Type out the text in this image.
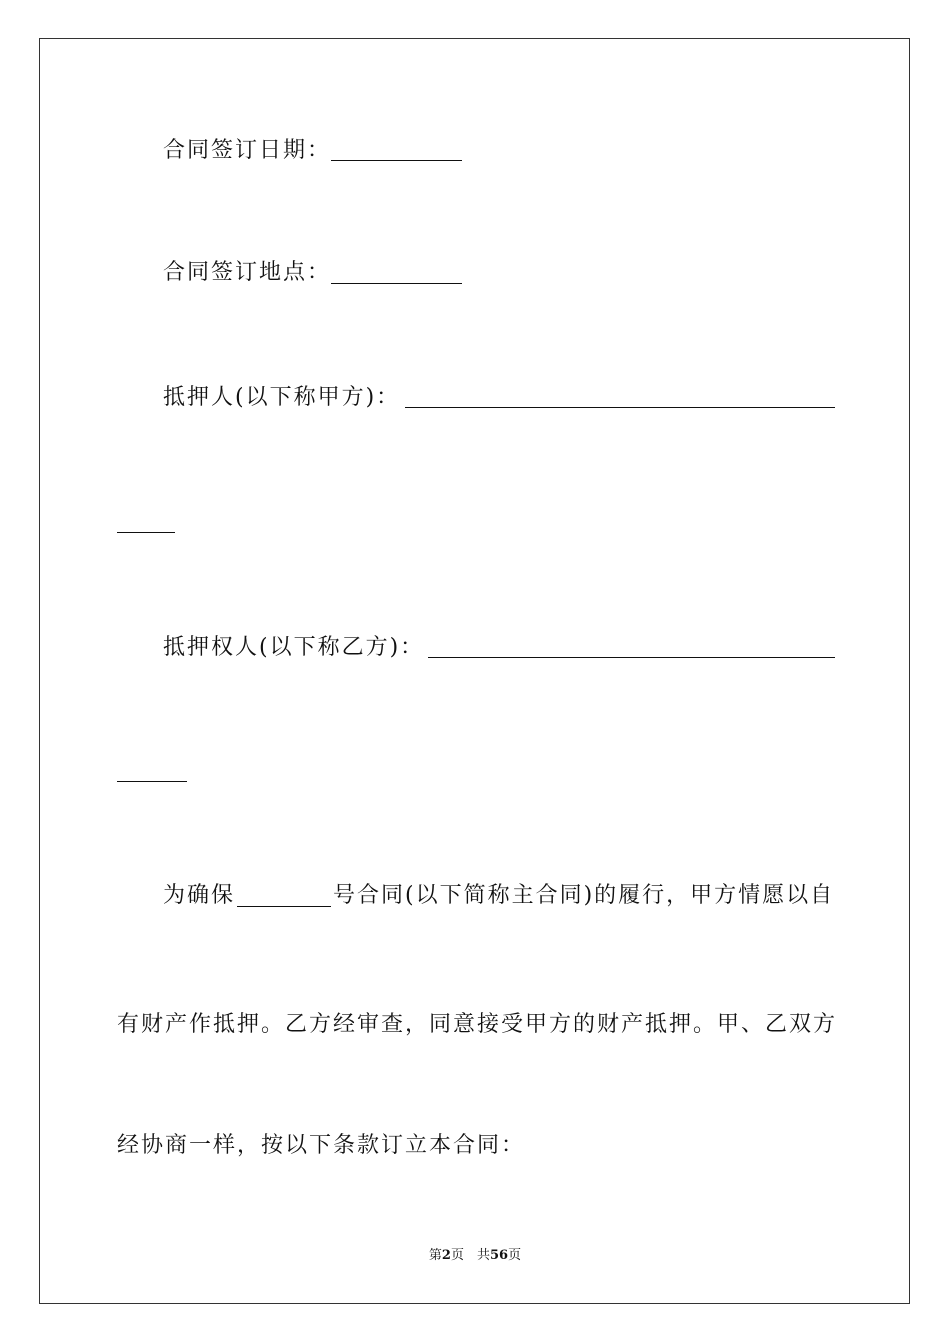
合同签订日期：
合同签订地点：
抵押人(以下称甲方)：
抵押权人(以下称乙方)：
为确保	号合同(以下简称主合同)的履行，甲方情愿以自
有财产作抵押。乙方经审查，同意接受甲方的财产抵押。甲、乙双方
经协商一样，按以下条款订立本合同：
第2页　共56页
